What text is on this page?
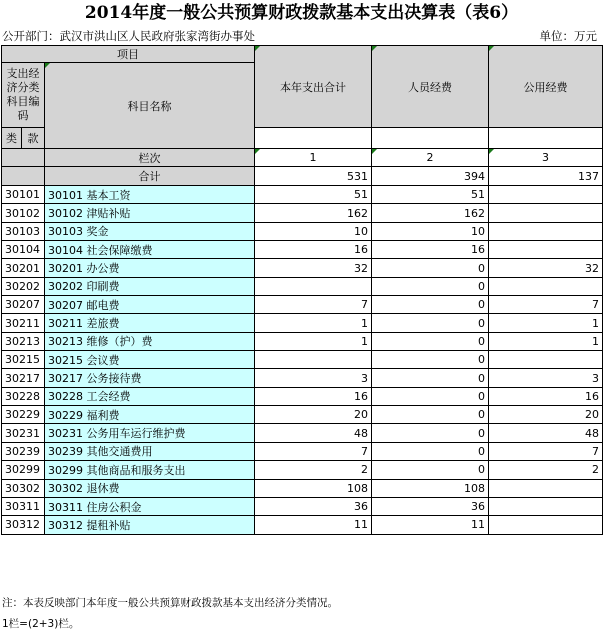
2014年度一般公共预算财政拨款基本支出决算表（表6）
公开部门：武汉市洪山区人民政府张家湾街办事处	单位：万元
项目			本年支出合计	人员经费	公用经费
支出经济分类科目编码		科目名称			
类	款				
		栏次	1	2	3
		合计	531	394	137
30101		30101 基本工资	51	51	
30102		30102 津贴补贴	162	162	
30103		30103 奖金	10	10	
30104		30104 社会保障缴费	16	16	
30201		30201 办公费	32	0	32
30202		30202 印刷费		0	
30207		30207 邮电费	7	0	7
30211		30211 差旅费	1	0	1
30213		30213 维修（护）费	1	0	1
30215		30215 会议费		0	
30217		30217 公务接待费	3	0	3
30228		30228 工会经费	16	0	16
30229		30229 福利费	20	0	20
30231		30231 公务用车运行维护费	48	0	48
30239		30239 其他交通费用	7	0	7
30299		30299 其他商品和服务支出	2	0	2
30302		30302 退休费	108	108	
30311		30311 住房公积金	36	36	
30312		30312 提租补贴	11	11	
注：本表反映部门本年度一般公共预算财政拨款基本支出经济分类情况。
1栏=(2+3)栏。
